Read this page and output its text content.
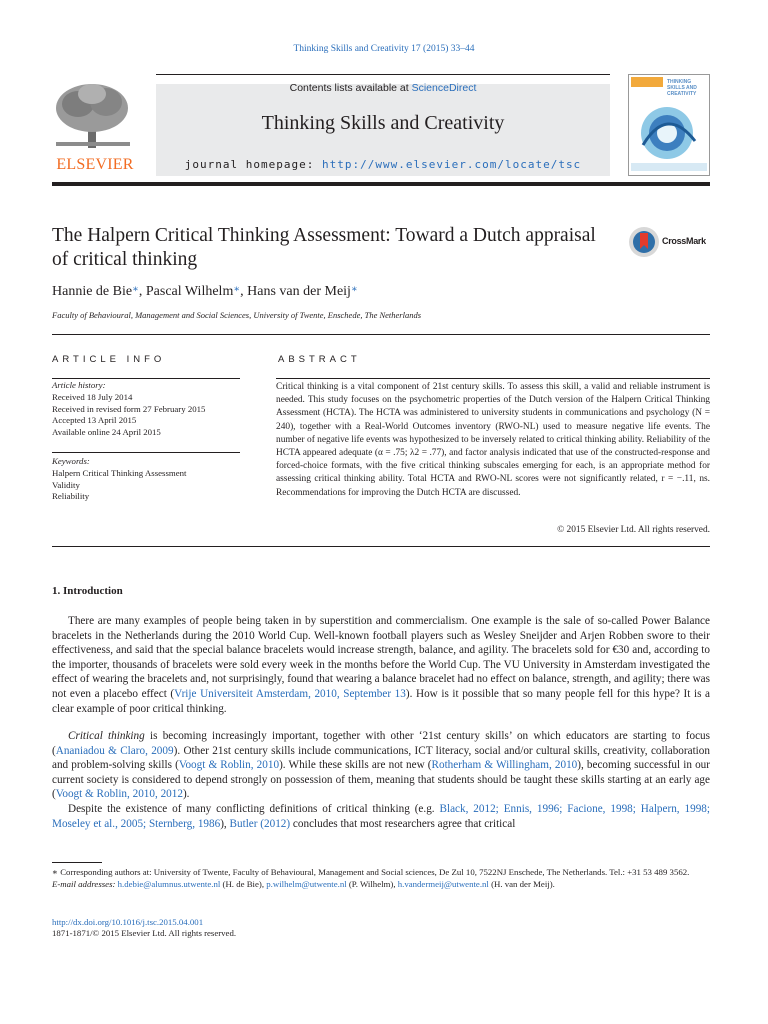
Thinking Skills and Creativity 17 (2015) 33–44
ELSEVIER
Contents lists available at ScienceDirect
Thinking Skills and Creativity
journal homepage: http://www.elsevier.com/locate/tsc
THINKING SKILLS AND CREATIVITY
The Halpern Critical Thinking Assessment: Toward a Dutch appraisal of critical thinking
CrossMark
Hannie de Bie∗, Pascal Wilhelm∗, Hans van der Meij∗
Faculty of Behavioural, Management and Social Sciences, University of Twente, Enschede, The Netherlands
ARTICLE INFO	ABSTRACT
Article history:
Received 18 July 2014
Received in revised form 27 February 2015
Accepted 13 April 2015
Available online 24 April 2015
Keywords:
Halpern Critical Thinking Assessment
Validity
Reliability
Critical thinking is a vital component of 21st century skills. To assess this skill, a valid and reliable instrument is needed. This study focuses on the psychometric properties of the Dutch version of the Halpern Critical Thinking Assessment (HCTA). The HCTA was administered to university students in communications and psychology (N = 240), together with a Real-World Outcomes inventory (RWO-NL) used to measure negative life events. The number of negative life events was hypothesized to be inversely related to critical thinking ability. Reliability of the HCTA appeared adequate (α = .75; λ2 = .77), and factor analysis indicated that use of the constructed-response and forced-choice formats, with the five critical thinking subscales emerging for each, is an appropriate method for assessing critical thinking ability. Total HCTA and RWO-NL scores were not significantly related, r = −.11, ns. Recommendations for improving the Dutch HCTA are discussed.
© 2015 Elsevier Ltd. All rights reserved.
1. Introduction
There are many examples of people being taken in by superstition and commercialism. One example is the sale of so-called Power Balance bracelets in the Netherlands during the 2010 World Cup. Well-known football players such as Wesley Sneijder and Arjen Robben swore to their effectiveness, and said that the special balance bracelets would increase strength, balance, and agility. The bracelets sold for €30 and, according to the importer, thousands of bracelets were sold every week in the months before the World Cup. The VU University in Amsterdam investigated the effect of wearing the bracelets and, not surprisingly, found that wearing a balance bracelet had no effect on balance, strength, and agility; there was not even a placebo effect (Vrije Universiteit Amsterdam, 2010, September 13). How is it possible that so many people fell for this hype? It is a clear example of poor critical thinking.
Critical thinking is becoming increasingly important, together with other ‘21st century skills’ on which educators are starting to focus (Ananiadou & Claro, 2009). Other 21st century skills include communications, ICT literacy, social and/or cultural skills, creativity, collaboration and problem-solving skills (Voogt & Roblin, 2010). While these skills are not new (Rotherham & Willingham, 2010), becoming successful in our current society is considered to depend strongly on possession of them, meaning that students should be taught these skills starting at an early age (Voogt & Roblin, 2010, 2012).
Despite the existence of many conflicting definitions of critical thinking (e.g. Black, 2012; Ennis, 1996; Facione, 1998; Halpern, 1998; Moseley et al., 2005; Sternberg, 1986), Butler (2012) concludes that most researchers agree that critical
∗ Corresponding authors at: University of Twente, Faculty of Behavioural, Management and Social sciences, De Zul 10, 7522NJ Enschede, The Netherlands. Tel.: +31 53 489 3562.
E-mail addresses: h.debie@alumnus.utwente.nl (H. de Bie), p.wilhelm@utwente.nl (P. Wilhelm), h.vandermeij@utwente.nl (H. van der Meij).
http://dx.doi.org/10.1016/j.tsc.2015.04.001
1871-1871/© 2015 Elsevier Ltd. All rights reserved.
